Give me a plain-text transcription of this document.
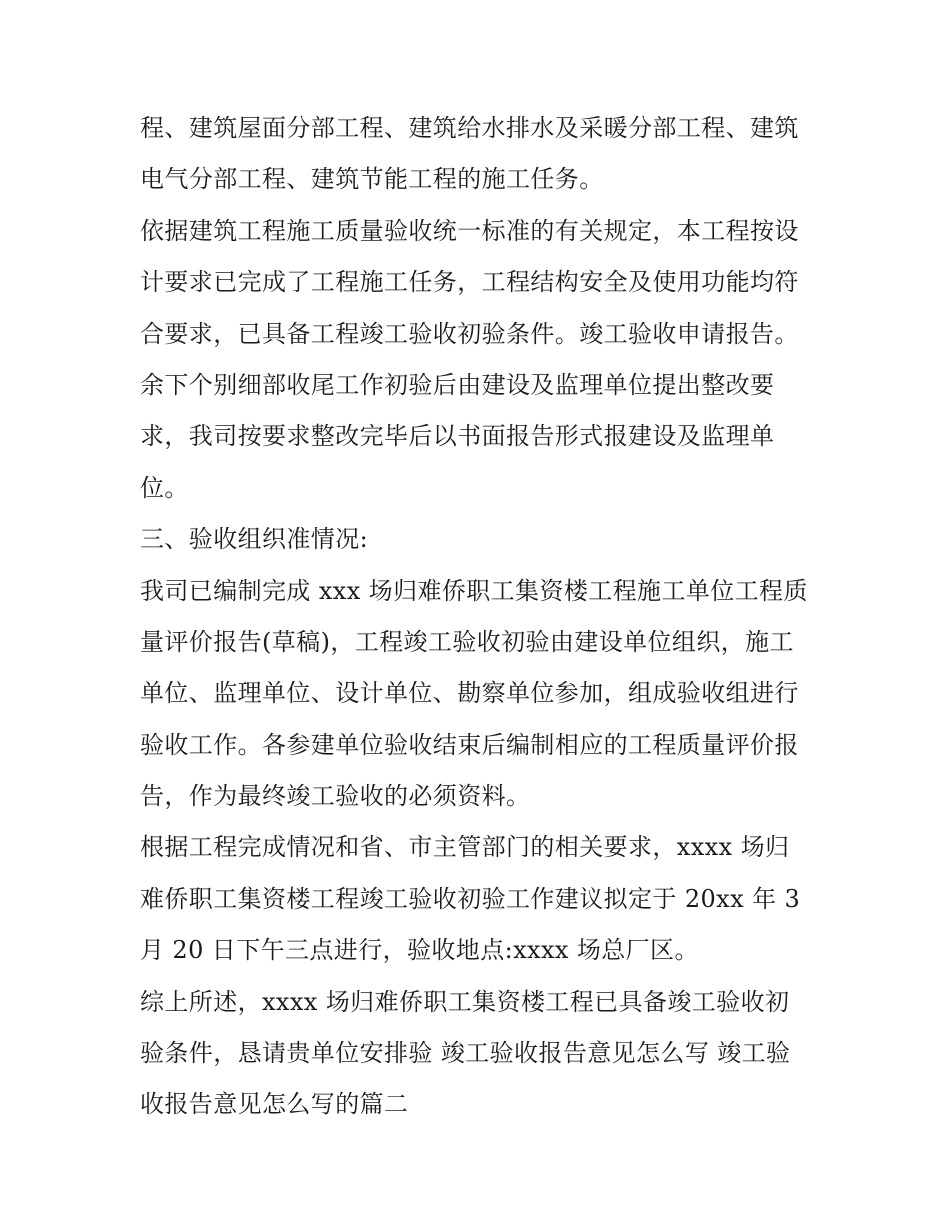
程、建筑屋面分部工程、建筑给水排水及采暖分部工程、建筑
电气分部工程、建筑节能工程的施工任务。
依据建筑工程施工质量验收统一标准的有关规定，本工程按设
计要求已完成了工程施工任务，工程结构安全及使用功能均符
合要求，已具备工程竣工验收初验条件。竣工验收申请报告。
余下个别细部收尾工作初验后由建设及监理单位提出整改要
求，我司按要求整改完毕后以书面报告形式报建设及监理单
位。
三、验收组织准情况:
我司已编制完成 xxx 场归难侨职工集资楼工程施工单位工程质
量评价报告(草稿)，工程竣工验收初验由建设单位组织，施工
单位、监理单位、设计单位、勘察单位参加，组成验收组进行
验收工作。各参建单位验收结束后编制相应的工程质量评价报
告，作为最终竣工验收的必须资料。
根据工程完成情况和省、市主管部门的相关要求，xxxx 场归
难侨职工集资楼工程竣工验收初验工作建议拟定于 20xx 年 3
月 20 日下午三点进行，验收地点:xxxx 场总厂区。
综上所述，xxxx 场归难侨职工集资楼工程已具备竣工验收初
验条件，恳请贵单位安排验 竣工验收报告意见怎么写 竣工验
收报告意见怎么写的篇二
